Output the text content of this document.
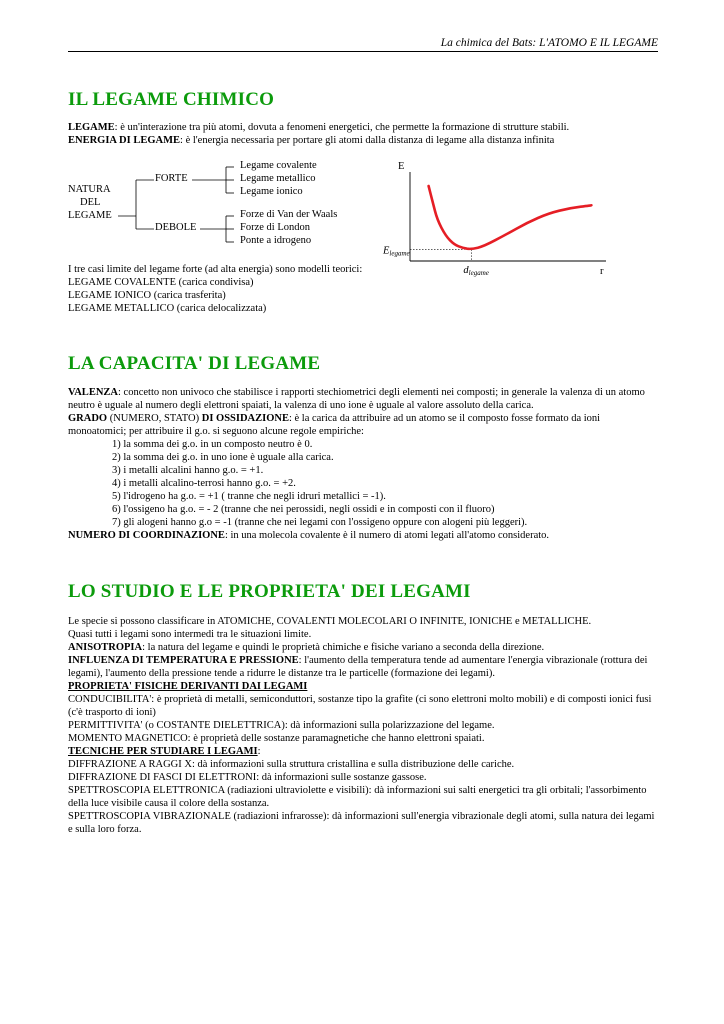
La chimica del Bats: L'ATOMO E IL LEGAME
IL LEGAME CHIMICO

LEGAME: è un'interazione tra più atomi, dovuta a fenomeni energetici, che permette la formazione di strutture stabili.

ENERGIA DI LEGAME: è l'energia necessaria per portare gli atomi dalla distanza di legame alla distanza infinita

NATURA
DEL
LEGAME
FORTE
DEBOLE
Legame covalente
Legame metallico
Legame ionico
Forze di Van der Waals
Forze di London
Ponte a idrogeno
E
r
Elegame
dlegame

I tre casi limite del legame forte (ad alta energia) sono modelli teorici:

LEGAME COVALENTE (carica condivisa)

LEGAME IONICO (carica trasferita)

LEGAME METALLICO (carica delocalizzata)

LA CAPACITA' DI LEGAME

VALENZA: concetto non univoco che stabilisce i rapporti stechiometrici degli elementi nei composti; in generale la valenza di un atomo neutro è uguale al numero degli elettroni spaiati, la valenza di uno ione è uguale al valore assoluto della carica.

GRADO (NUMERO, STATO) DI OSSIDAZIONE: è la carica da attribuire ad un atomo se il composto fosse formato da ioni monoatomici; per attribuire il g.o. si seguono alcune regole empiriche:

1) la somma dei g.o. in un composto neutro è 0.

2) la somma dei g.o. in uno ione è uguale alla carica.

3) i metalli alcalini hanno g.o. = +1.

4) i metalli alcalino-terrosi hanno g.o. = +2.

5) l'idrogeno ha g.o. = +1 ( tranne che negli idruri metallici = -1).

6) l'ossigeno ha g.o. = - 2 (tranne che nei perossidi, negli ossidi e in composti con il fluoro)

7) gli alogeni hanno g.o = -1 (tranne che nei legami con l'ossigeno oppure con alogeni più leggeri).

NUMERO DI COORDINAZIONE: in una molecola covalente è il numero di atomi legati all'atomo considerato.

LO STUDIO E LE PROPRIETA' DEI LEGAMI

Le specie si possono classificare in ATOMICHE, COVALENTI MOLECOLARI O INFINITE, IONICHE e METALLICHE.

Quasi tutti i legami sono intermedi tra le situazioni limite.

ANISOTROPIA: la natura del legame e quindi le proprietà chimiche e fisiche variano a seconda della direzione.

INFLUENZA DI TEMPERATURA E PRESSIONE: l'aumento della temperatura tende ad aumentare l'energia vibrazionale (rottura dei legami), l'aumento della pressione tende a ridurre le distanze tra le particelle (formazione dei legami).

PROPRIETA' FISICHE DERIVANTI DAI LEGAMI

CONDUCIBILITA': è proprietà di metalli, semiconduttori, sostanze tipo la grafite (ci sono elettroni molto mobili) e di composti ionici fusi (c'è trasporto di ioni)

PERMITTIVITA' (o COSTANTE DIELETTRICA): dà informazioni sulla polarizzazione del legame.

MOMENTO MAGNETICO: è proprietà delle sostanze paramagnetiche che hanno elettroni spaiati.

TECNICHE PER STUDIARE I LEGAMI:

DIFFRAZIONE A RAGGI X: dà informazioni sulla struttura cristallina e sulla distribuzione delle cariche.

DIFFRAZIONE DI FASCI DI ELETTRONI: dà informazioni sulle sostanze gassose.

SPETTROSCOPIA ELETTRONICA (radiazioni ultraviolette e visibili): dà informazioni sui salti energetici tra gli orbitali; l'assorbimento della luce visibile causa il colore della sostanza.

SPETTROSCOPIA VIBRAZIONALE (radiazioni infrarosse): dà informazioni sull'energia vibrazionale degli atomi, sulla natura dei legami e sulla loro forza.
